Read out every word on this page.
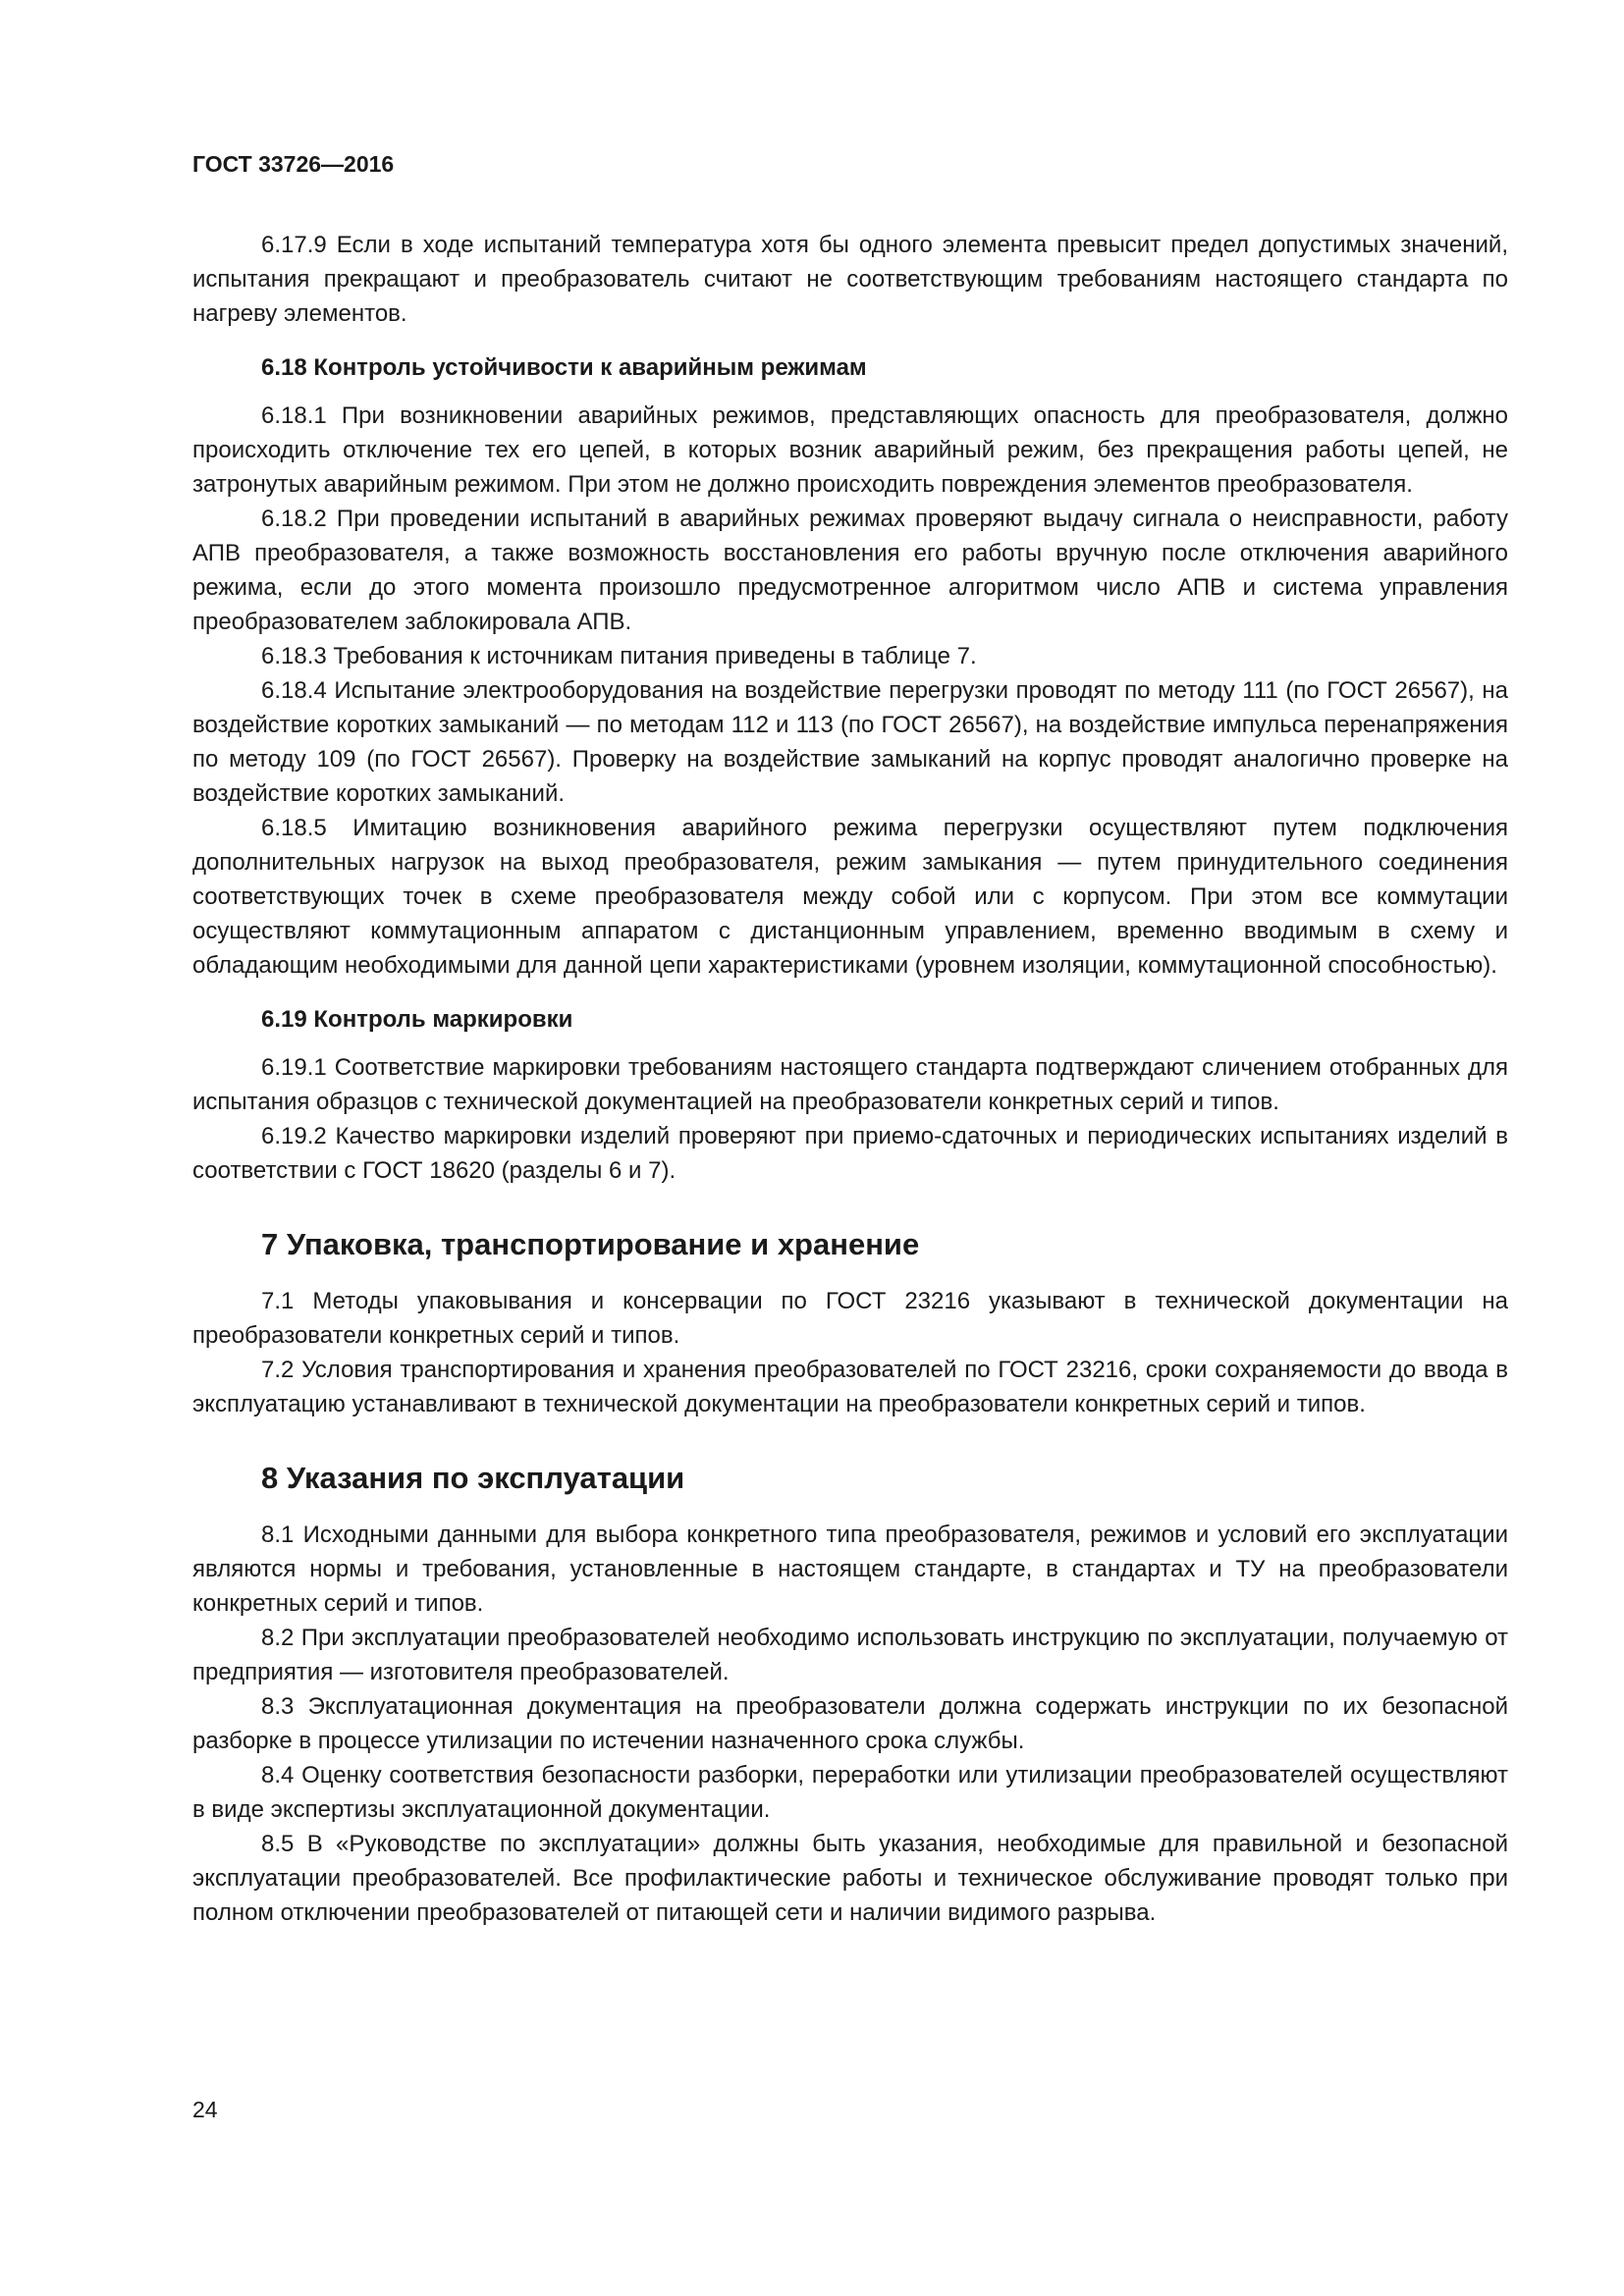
ГОСТ 33726—2016

6.17.9 Если в ходе испытаний температура хотя бы одного элемента превысит предел допустимых значений, испытания прекращают и преобразователь считают не соответствующим требованиям настоящего стандарта по нагреву элементов.

6.18 Контроль устойчивости к аварийным режимам

6.18.1 При возникновении аварийных режимов, представляющих опасность для преобразователя, должно происходить отключение тех его цепей, в которых возник аварийный режим, без прекращения работы цепей, не затронутых аварийным режимом. При этом не должно происходить повреждения элементов преобразователя.

6.18.2 При проведении испытаний в аварийных режимах проверяют выдачу сигнала о неисправности, работу АПВ преобразователя, а также возможность восстановления его работы вручную после отключения аварийного режима, если до этого момента произошло предусмотренное алгоритмом число АПВ и система управления преобразователем заблокировала АПВ.

6.18.3 Требования к источникам питания приведены в таблице 7.

6.18.4 Испытание электрооборудования на воздействие перегрузки проводят по методу 111 (по ГОСТ 26567), на воздействие коротких замыканий — по методам 112 и 113 (по ГОСТ 26567), на воздействие импульса перенапряжения по методу 109 (по ГОСТ 26567). Проверку на воздействие замыканий на корпус проводят аналогично проверке на воздействие коротких замыканий.

6.18.5 Имитацию возникновения аварийного режима перегрузки осуществляют путем подключения дополнительных нагрузок на выход преобразователя, режим замыкания — путем принудительного соединения соответствующих точек в схеме преобразователя между собой или с корпусом. При этом все коммутации осуществляют коммутационным аппаратом с дистанционным управлением, временно вводимым в схему и обладающим необходимыми для данной цепи характеристиками (уровнем изоляции, коммутационной способностью).

6.19 Контроль маркировки

6.19.1 Соответствие маркировки требованиям настоящего стандарта подтверждают сличением отобранных для испытания образцов с технической документацией на преобразователи конкретных серий и типов.

6.19.2 Качество маркировки изделий проверяют при приемо-сдаточных и периодических испытаниях изделий в соответствии с ГОСТ 18620 (разделы 6 и 7).

7 Упаковка, транспортирование и хранение

7.1 Методы упаковывания и консервации по ГОСТ 23216 указывают в технической документации на преобразователи конкретных серий и типов.

7.2 Условия транспортирования и хранения преобразователей по ГОСТ 23216, сроки сохраняемости до ввода в эксплуатацию устанавливают в технической документации на преобразователи конкретных серий и типов.

8 Указания по эксплуатации

8.1 Исходными данными для выбора конкретного типа преобразователя, режимов и условий его эксплуатации являются нормы и требования, установленные в настоящем стандарте, в стандартах и ТУ на преобразователи конкретных серий и типов.

8.2 При эксплуатации преобразователей необходимо использовать инструкцию по эксплуатации, получаемую от предприятия — изготовителя преобразователей.

8.3 Эксплуатационная документация на преобразователи должна содержать инструкции по их безопасной разборке в процессе утилизации по истечении назначенного срока службы.

8.4 Оценку соответствия безопасности разборки, переработки или утилизации преобразователей осуществляют в виде экспертизы эксплуатационной документации.

8.5 В «Руководстве по эксплуатации» должны быть указания, необходимые для правильной и безопасной эксплуатации преобразователей. Все профилактические работы и техническое обслуживание проводят только при полном отключении преобразователей от питающей сети и наличии видимого разрыва.

24
